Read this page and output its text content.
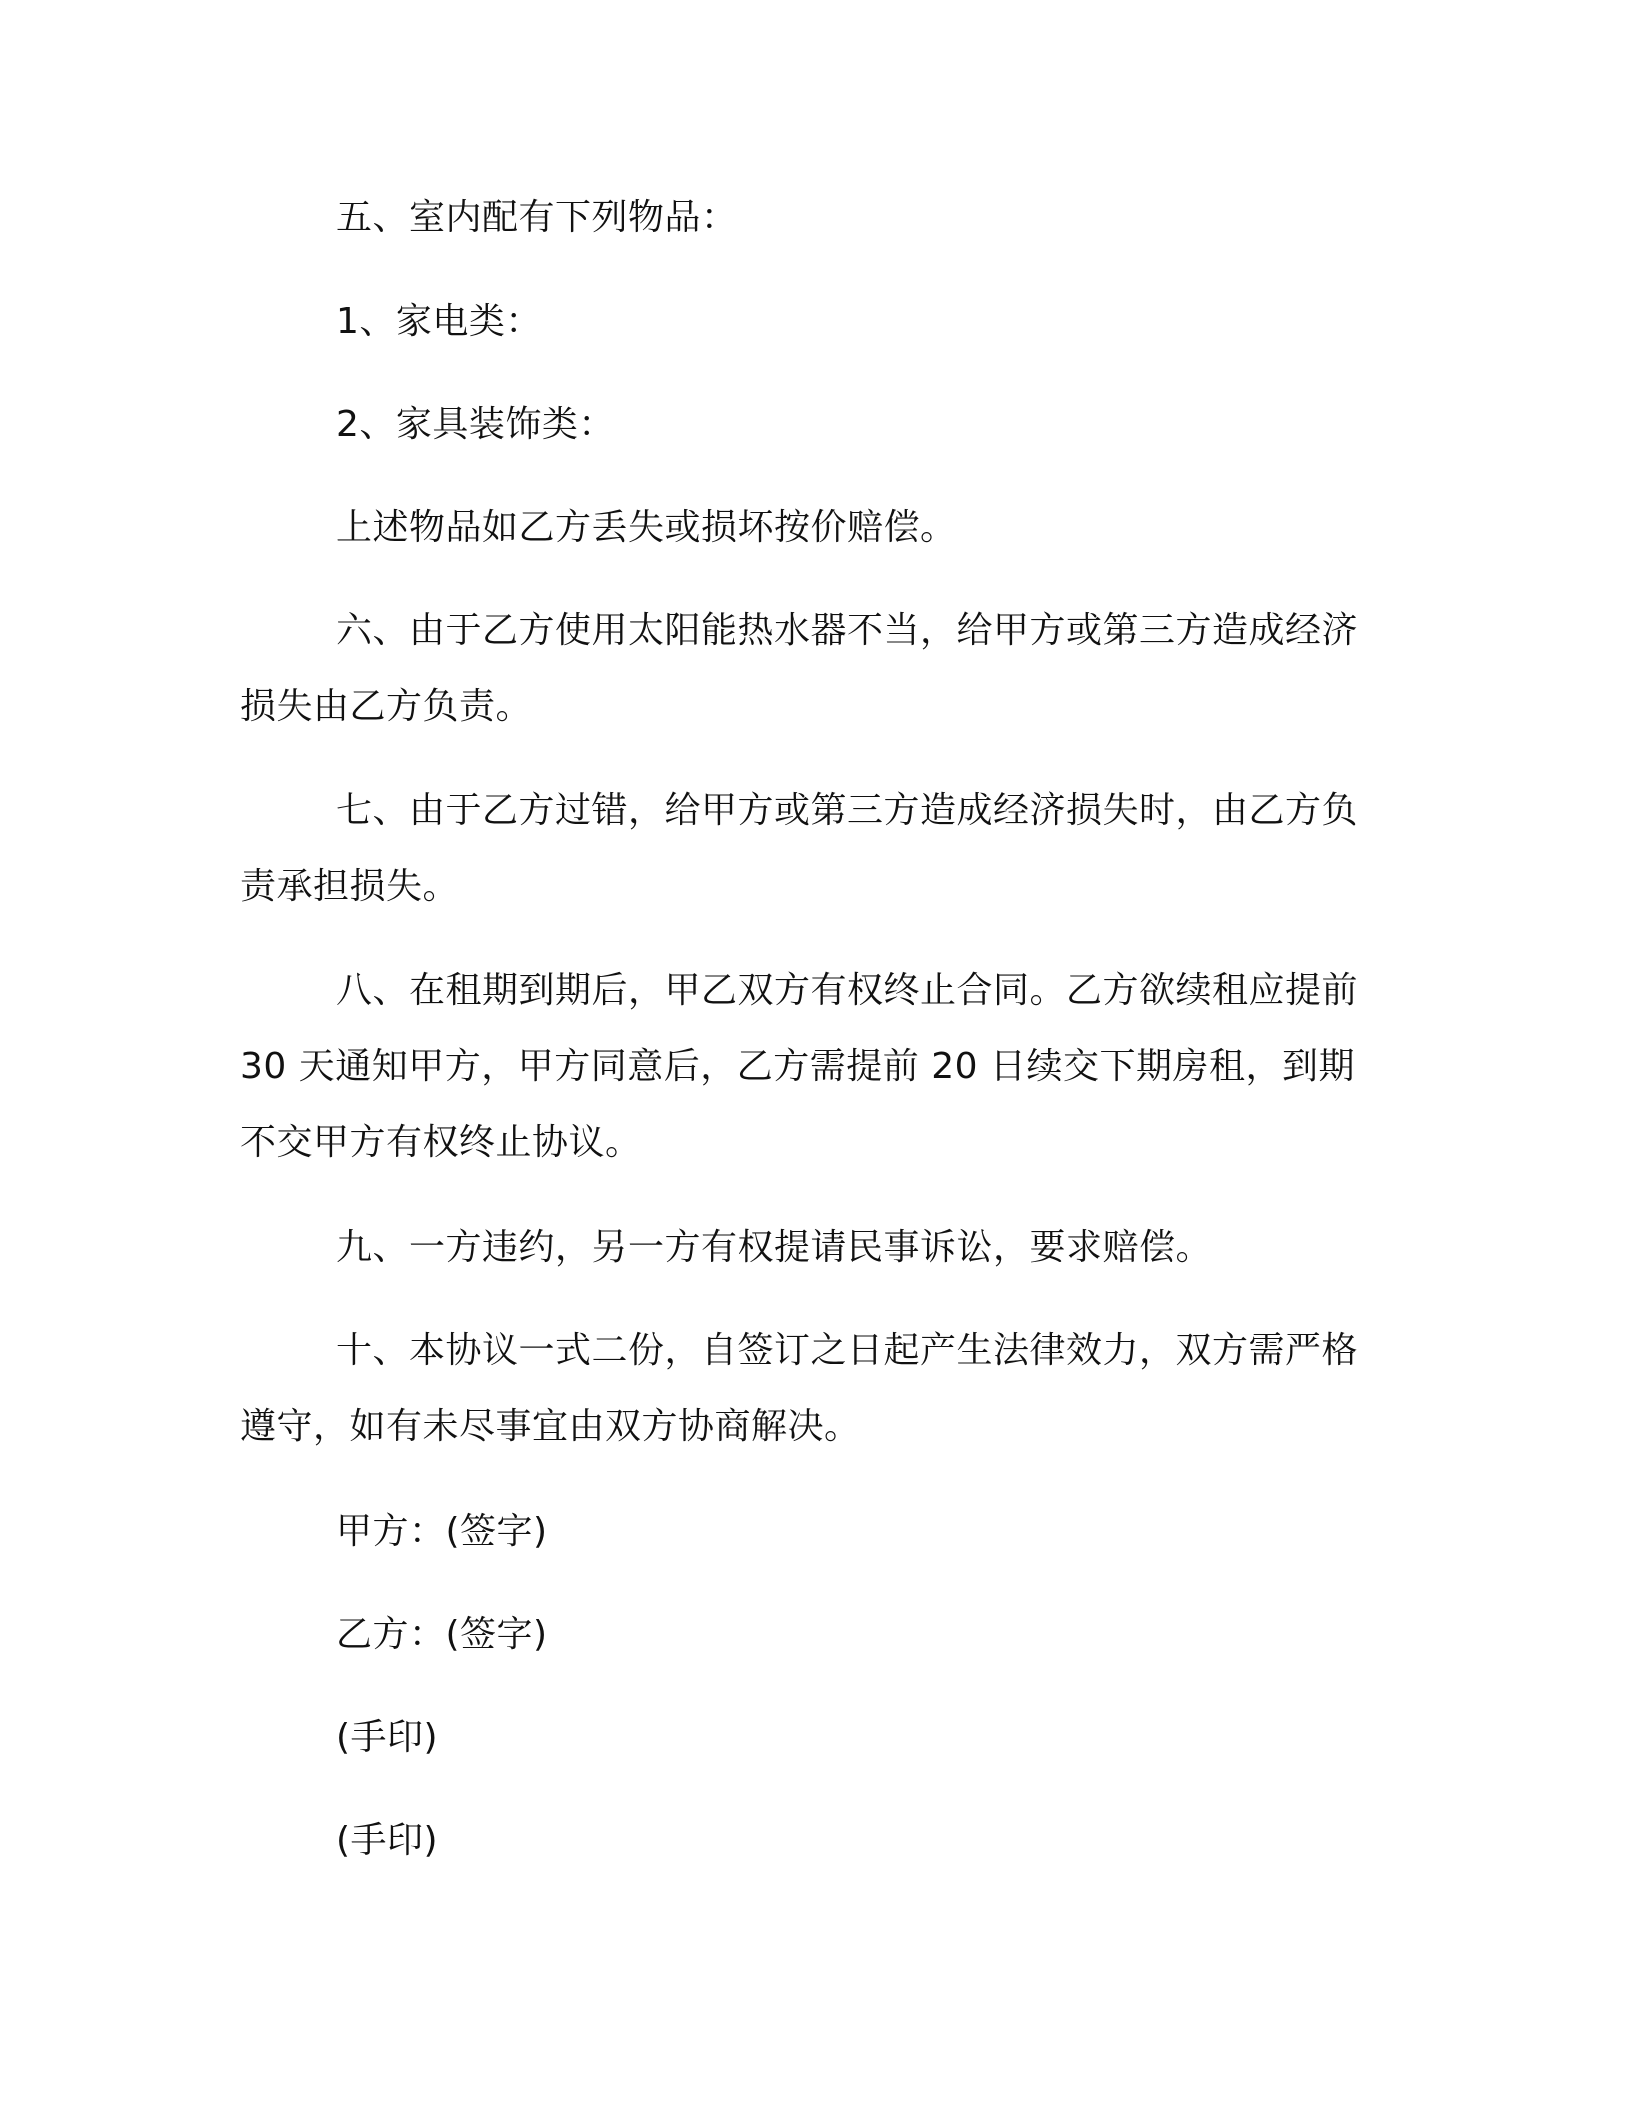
五、室内配有下列物品：

1、家电类：

2、家具装饰类：

上述物品如乙方丢失或损坏按价赔偿。

六、由于乙方使用太阳能热水器不当，给甲方或第三方造成经济

损失由乙方负责。

七、由于乙方过错，给甲方或第三方造成经济损失时，由乙方负

责承担损失。

八、在租期到期后，甲乙双方有权终止合同。乙方欲续租应提前

30 天通知甲方，甲方同意后，乙方需提前 20 日续交下期房租，到期

不交甲方有权终止协议。

九、一方违约，另一方有权提请民事诉讼，要求赔偿。

十、本协议一式二份，自签订之日起产生法律效力，双方需严格

遵守，如有未尽事宜由双方协商解决。

甲方：(签字)

乙方：(签字)

(手印)

(手印)
